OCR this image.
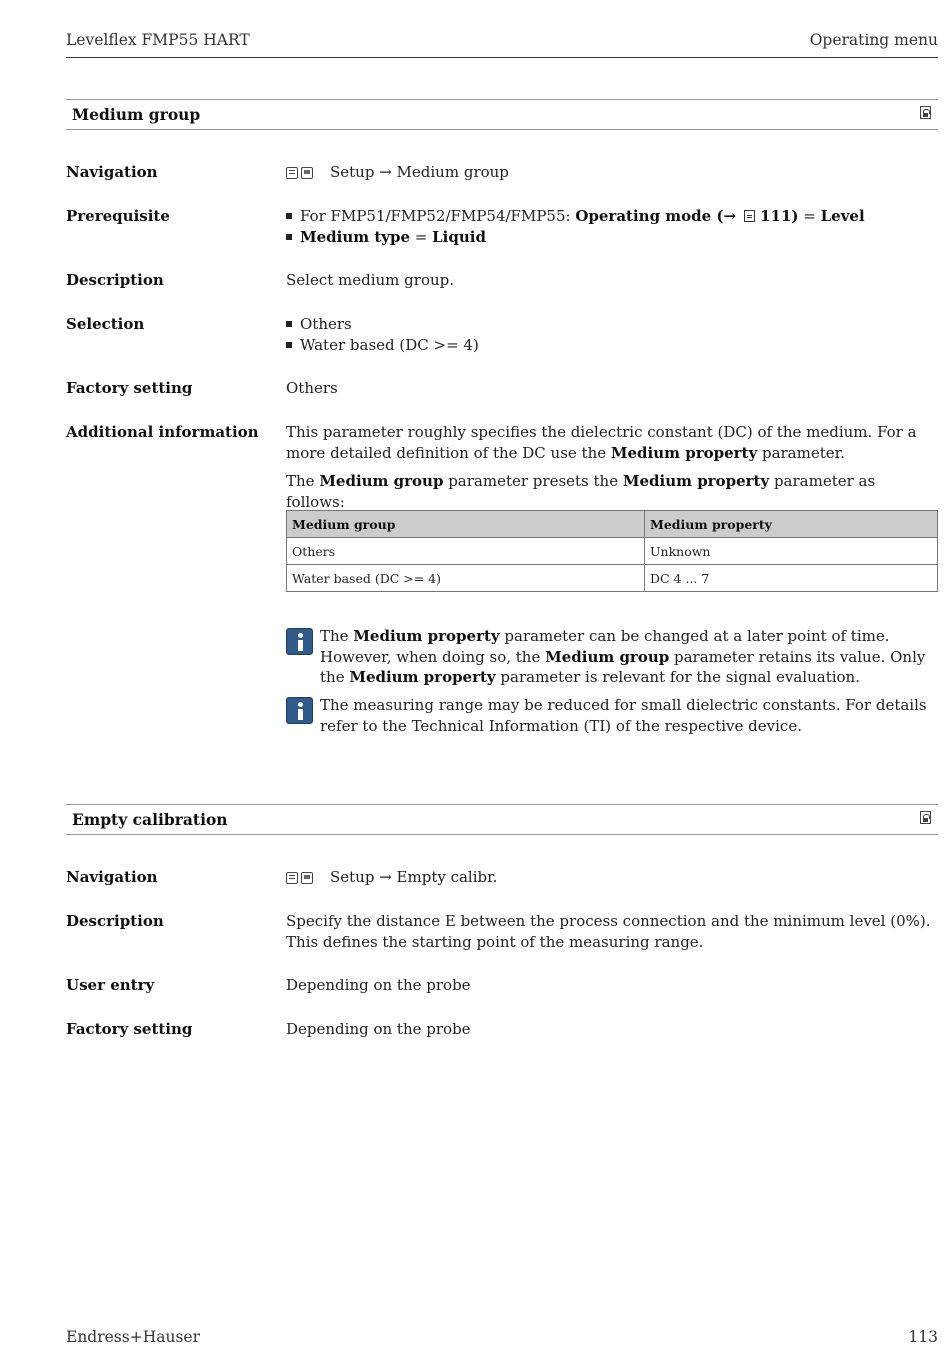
Levelflex FMP55 HART	Operating menu
Medium group
Navigation	Setup → Medium group
Prerequisite	For FMP51/FMP52/FMP54/FMP55: Operating mode (→ 111) = Level
Medium type = Liquid
Description	Select medium group.
Selection	Others
Water based (DC >= 4)
Factory setting	Others
Additional information This parameter roughly specifies the dielectric constant (DC) of the medium. For a more detailed definition of the DC use the Medium property parameter.
The Medium group parameter presets the Medium property parameter as follows:
Medium group	Medium property
Others	Unknown
Water based (DC >= 4)	DC 4 ... 7
The Medium property parameter can be changed at a later point of time. However, when doing so, the Medium group parameter retains its value. Only the Medium property parameter is relevant for the signal evaluation.
The measuring range may be reduced for small dielectric constants. For details refer to the Technical Information (TI) of the respective device.
Empty calibration
Navigation	Setup → Empty calibr.
Description	Specify the distance E between the process connection and the minimum level (0%). This defines the starting point of the measuring range.
User entry	Depending on the probe
Factory setting	Depending on the probe
Endress+Hauser	113
